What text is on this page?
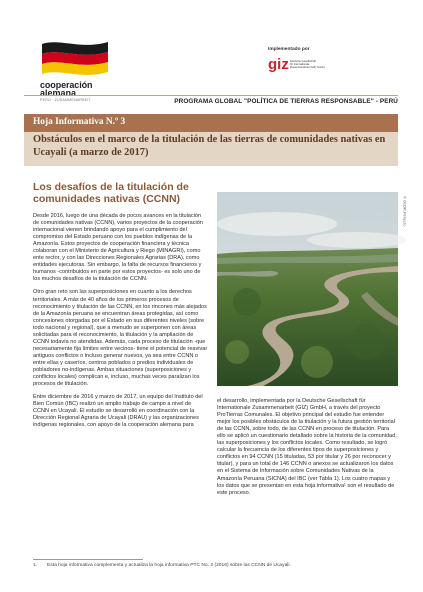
cooperación
alemana
PERÚ · ZUSAMMENARBEIT
Implementado por
giz Deutsche Gesellschaft
für Internationale
Zusammenarbeit (GIZ) GmbH
PROGRAMA GLOBAL "POLÍTICA DE TIERRAS RESPONSABLE" - PERÚ
Hoja Informativa N.º 3
Obstáculos en el marco de la titulación de las tierras de comunidades nativas en Ucayali (a marzo de 2017)
Los desafíos de la titulación de comunidades nativas (CCNN)	© GIZ/R.Peruzzo

Desde 2016, luego de una década de pocos avances en la titulación de comunidades nativas (CCNN), varios proyectos de la cooperación internacional vienen brindando apoyo para el cumplimiento del compromiso del Estado peruano con los pueblos indígenas de la Amazonía. Estos proyectos de cooperación financiera y técnica colaboran con el Ministerio de Agricultura y Riego (MINAGRI), como ente rector, y con las Direcciones Regionales Agrarias (DRA), como entidades ejecutoras. Sin embargo, la falta de recursos financieros y humanos -contribuidos en parte por estos proyectos- es solo uno de los muchos desafíos de la titulación de CCNN.

Otro gran reto son las superposiciones en cuanto a los derechos territoriales. A más de 40 años de los primeros procesos de reconocimiento y titulación de las CCNN, en los rincones más alejados de la Amazonía peruana se encuentran áreas protegidas, así como concesiones otorgadas por el Estado en sus diferentes niveles (sobre todo nacional y regional), que a menudo se superponen con áreas solicitadas para el reconocimiento, la titulación y la ampliación de CCNN todavía no atendidas. Además, cada proceso de titulación -que necesariamente fija límites entre vecinos- tiene el potencial de reavivar antiguos conflictos o incluso generar nuevos, ya sea entre CCNN o entre ellas y caseríos, centros poblados o predios individuales de pobladores no-indígenas. Ambas situaciones (superposiciones y conflictos locales) complican e, incluso, muchas veces paralizan los procesos de titulación.

Entre diciembre de 2016 y marzo de 2017, un equipo del Instituto del Bien Común (IBC) realizó un amplio trabajo de campo a nivel de CCNN en Ucayali. El estudio se desarrolló en coordinación con la Dirección Regional Agraria de Ucayali (DRAU) y las organizaciones indígenas regionales, con apoyo de la cooperación alemana para

el desarrollo, implementada por la Deutsche Gesellschaft für Internationale Zusammenarbeit (GIZ) GmbH, a través del proyecto ProTierras Comunales. El objetivo principal del estudio fue entender mejor los posibles obstáculos de la titulación y la futura gestión territorial de las CCNN, sobre todo, de las CCNN en proceso de titulación. Para ello se aplicó un cuestionario detallado sobre la historia de la comunidad, las superposiciones y los conflictos locales. Como resultado, se logró calcular la frecuencia de los diferentes tipos de superposiciones y conflictos en 94 CCNN (15 tituladas, 53 por titular y 26 por reconocer y titular), y para un total de 146 CCNN o anexos se actualizaron los datos en el Sistema de Información sobre Comunidades Nativas de la Amazonía Peruana (SICNA) del IBC (ver Tabla 1). Los cuatro mapas y los datos que se presentan en esta hoja informativa¹ son el resultado de este proceso.

1. Esta hoja informativa complementa y actualiza la hoja informativa PTC No. 2 (2016) sobre las CCNN de Ucayali.
